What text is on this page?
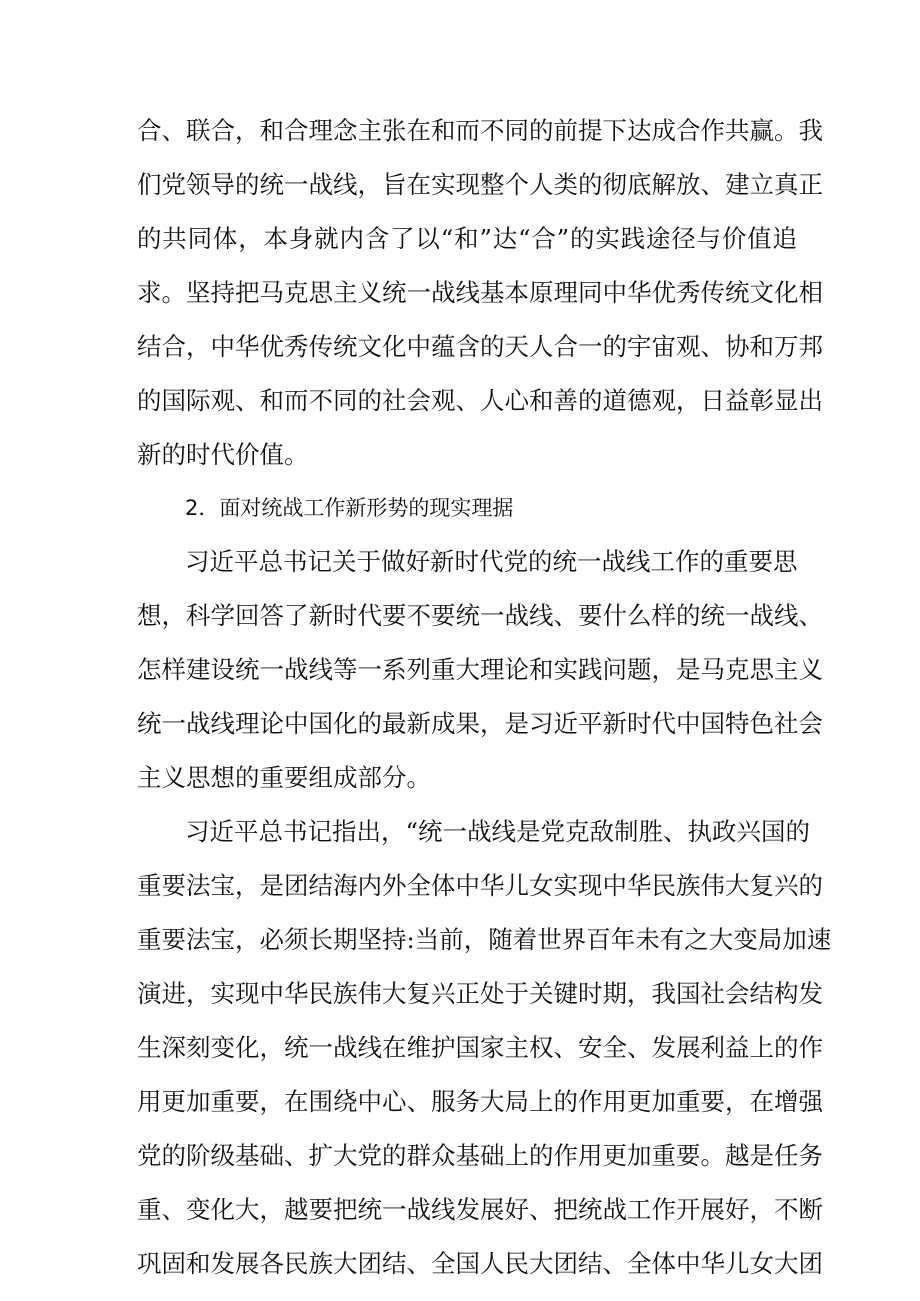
合、联合，和合理念主张在和而不同的前提下达成合作共赢。我
们党领导的统一战线，旨在实现整个人类的彻底解放、建立真正
的共同体，本身就内含了以“和”达“合”的实践途径与价值追
求。坚持把马克思主义统一战线基本原理同中华优秀传统文化相
结合，中华优秀传统文化中蕴含的天人合一的宇宙观、协和万邦
的国际观、和而不同的社会观、人心和善的道德观，日益彰显出
新的时代价值。
2．面对统战工作新形势的现实理据
习近平总书记关于做好新时代党的统一战线工作的重要思
想，科学回答了新时代要不要统一战线、要什么样的统一战线、
怎样建设统一战线等一系列重大理论和实践问题，是马克思主义
统一战线理论中国化的最新成果，是习近平新时代中国特色社会
主义思想的重要组成部分。
习近平总书记指出，“统一战线是党克敌制胜、执政兴国的
重要法宝，是团结海内外全体中华儿女实现中华民族伟大复兴的
重要法宝，必须长期坚持:当前，随着世界百年未有之大变局加速
演进，实现中华民族伟大复兴正处于关键时期，我国社会结构发
生深刻变化，统一战线在维护国家主权、安全、发展利益上的作
用更加重要，在围绕中心、服务大局上的作用更加重要，在增强
党的阶级基础、扩大党的群众基础上的作用更加重要。越是任务
重、变化大，越要把统一战线发展好、把统战工作开展好，不断
巩固和发展各民族大团结、全国人民大团结、全体中华儿女大团
